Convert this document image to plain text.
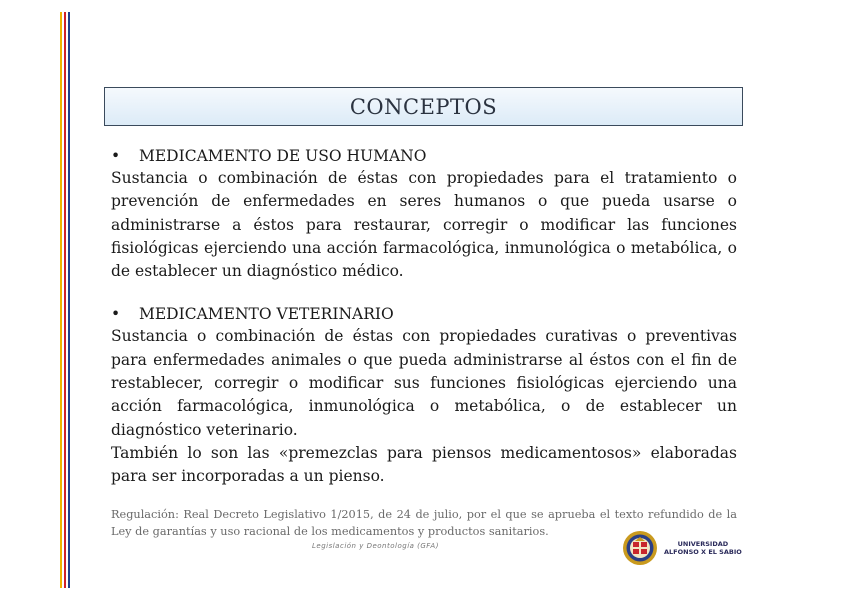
CONCEPTOS

•	MEDICAMENTO DE USO HUMANO

Sustancia o combinación de éstas con propiedades para el tratamiento o prevención de enfermedades en seres humanos o que pueda usarse o administrarse a éstos para restaurar, corregir o modificar las funciones fisiológicas ejerciendo una acción farmacológica, inmunológica o metabólica, o de establecer un diagnóstico médico.

•	MEDICAMENTO VETERINARIO

Sustancia o combinación de éstas con propiedades curativas o preventivas para enfermedades animales o que pueda administrarse al éstos con el fin de restablecer, corregir o modificar sus funciones fisiológicas ejerciendo una acción farmacológica, inmunológica o metabólica, o de establecer un diagnóstico veterinario.

También lo son las «premezclas para piensos medicamentosos» elaboradas para ser incorporadas a un pienso.

Regulación: Real Decreto Legislativo 1/2015, de 24 de julio, por el que se aprueba el texto refundido de la Ley de garantías y uso racional de los medicamentos y productos sanitarios.
Legislación y Deontología (GFA)	UNIVERSIDAD
ALFONSO X EL SABIO
